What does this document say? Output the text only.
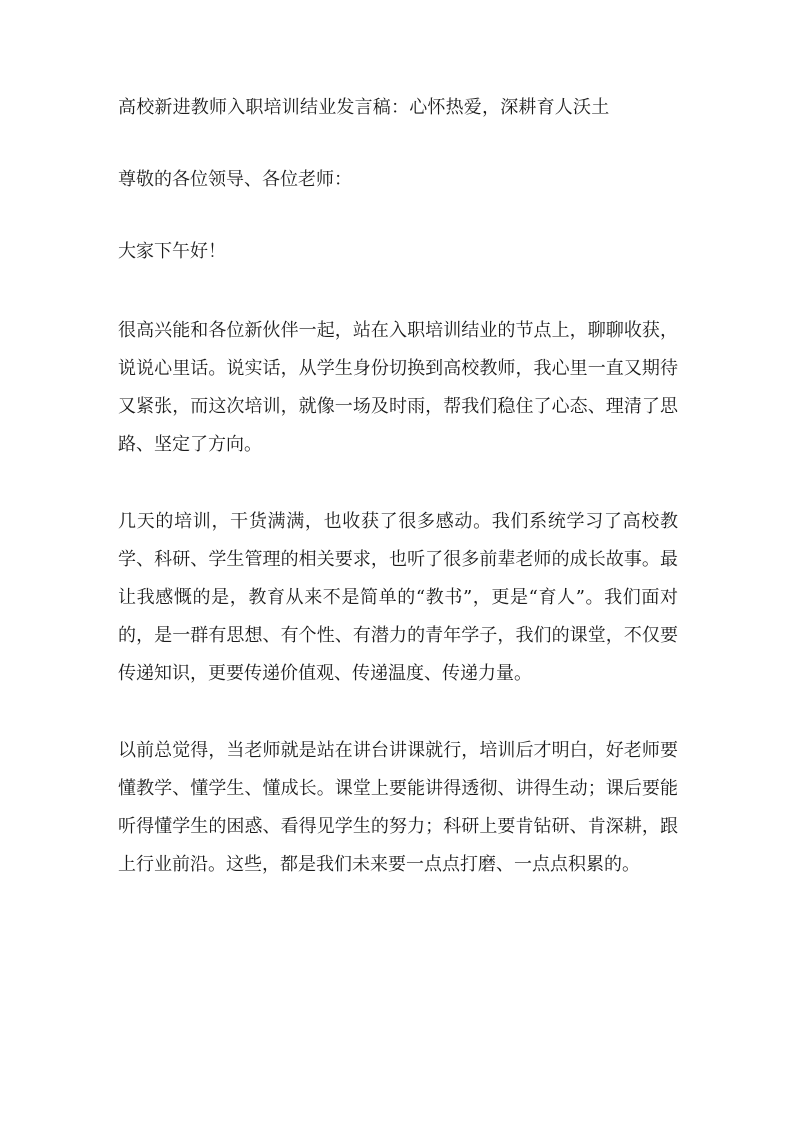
高校新进教师入职培训结业发言稿：心怀热爱，深耕育人沃土

尊敬的各位领导、各位老师：

大家下午好！

很高兴能和各位新伙伴一起，站在入职培训结业的节点上，聊聊收获，说说心里话。说实话，从学生身份切换到高校教师，我心里一直又期待又紧张，而这次培训，就像一场及时雨，帮我们稳住了心态、理清了思路、坚定了方向。

几天的培训，干货满满，也收获了很多感动。我们系统学习了高校教学、科研、学生管理的相关要求，也听了很多前辈老师的成长故事。最让我感慨的是，教育从来不是简单的“教书”，更是“育人”。我们面对的，是一群有思想、有个性、有潜力的青年学子，我们的课堂，不仅要传递知识，更要传递价值观、传递温度、传递力量。

以前总觉得，当老师就是站在讲台讲课就行，培训后才明白，好老师要懂教学、懂学生、懂成长。课堂上要能讲得透彻、讲得生动；课后要能听得懂学生的困惑、看得见学生的努力；科研上要肯钻研、肯深耕，跟上行业前沿。这些，都是我们未来要一点点打磨、一点点积累的。
